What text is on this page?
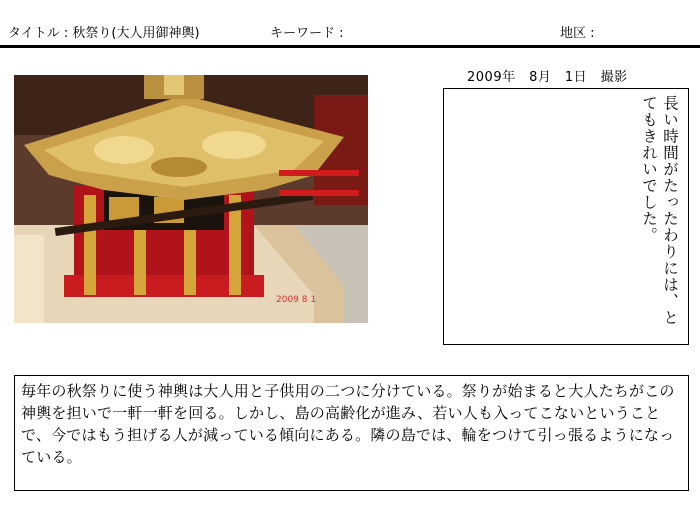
タイトル : 秋祭り(大人用御神輿)	キーワード :	地区 :
2009 8 1
2009年　8月　1日　撮影
長い時間がたったわりには、とてもきれいでした。
毎年の秋祭りに使う神輿は大人用と子供用の二つに分けている。祭りが始まると大人たちがこの神輿を担いで一軒一軒を回る。しかし、島の高齢化が進み、若い人も入ってこないということで、今ではもう担げる人が減っている傾向にある。隣の島では、輪をつけて引っ張るようになっている。
